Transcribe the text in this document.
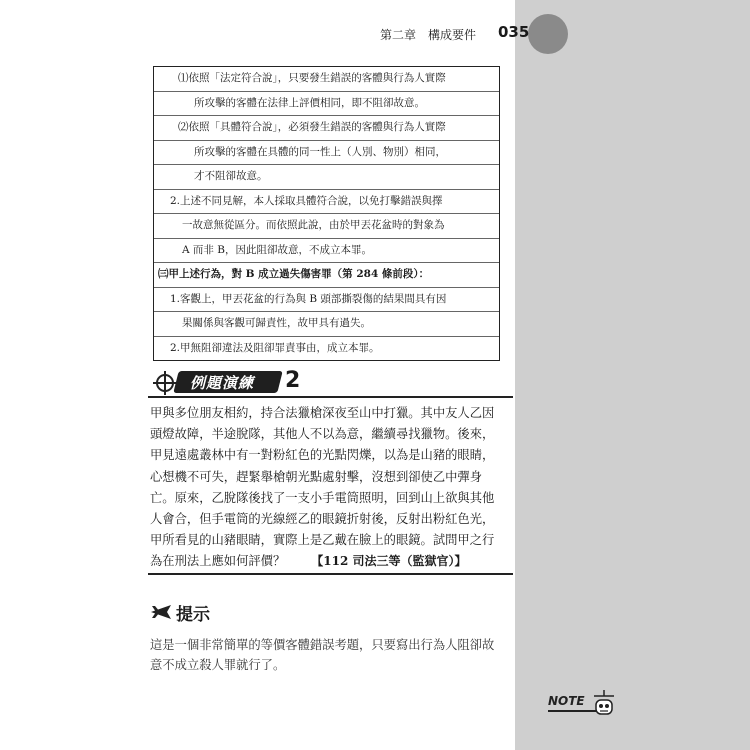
第二章　構成要件 035
⑴依照「法定符合說」，只要發生錯誤的客體與行為人實際
所攻擊的客體在法律上評價相同，即不阻卻故意。
⑵依照「具體符合說」，必須發生錯誤的客體與行為人實際
所攻擊的客體在具體的同一性上（人別、物別）相同，
才不阻卻故意。
2.上述不同見解，本人採取具體符合說，以免打擊錯誤與擇
一故意無從區分。而依照此說，由於甲丟花盆時的對象為
A 而非 B，因此阻卻故意，不成立本罪。
㈢甲上述行為，對 B 成立過失傷害罪（第 284 條前段）：
1.客觀上，甲丟花盆的行為與 B 頭部撕裂傷的結果間具有因
果關係與客觀可歸責性，故甲具有過失。
2.甲無阻卻違法及阻卻罪責事由，成立本罪。
例題演練 2

甲與多位朋友相約，持合法獵槍深夜至山中打獵。其中友人乙因

頭燈故障，半途脫隊，其他人不以為意，繼續尋找獵物。後來，

甲見遠處叢林中有一對粉紅色的光點閃爍，以為是山豬的眼睛，

心想機不可失，趕緊舉槍朝光點處射擊，沒想到卻使乙中彈身

亡。原來，乙脫隊後找了一支小手電筒照明，回到山上欲與其他

人會合，但手電筒的光線經乙的眼鏡折射後，反射出粉紅色光，

甲所看見的山豬眼睛，實際上是乙戴在臉上的眼鏡。試問甲之行

為在刑法上應如何評價？ 【112 司法三等（監獄官）】

提示

這是一個非常簡單的等價客體錯誤考題，只要寫出行為人阻卻故

意不成立殺人罪就行了。

NOTE
